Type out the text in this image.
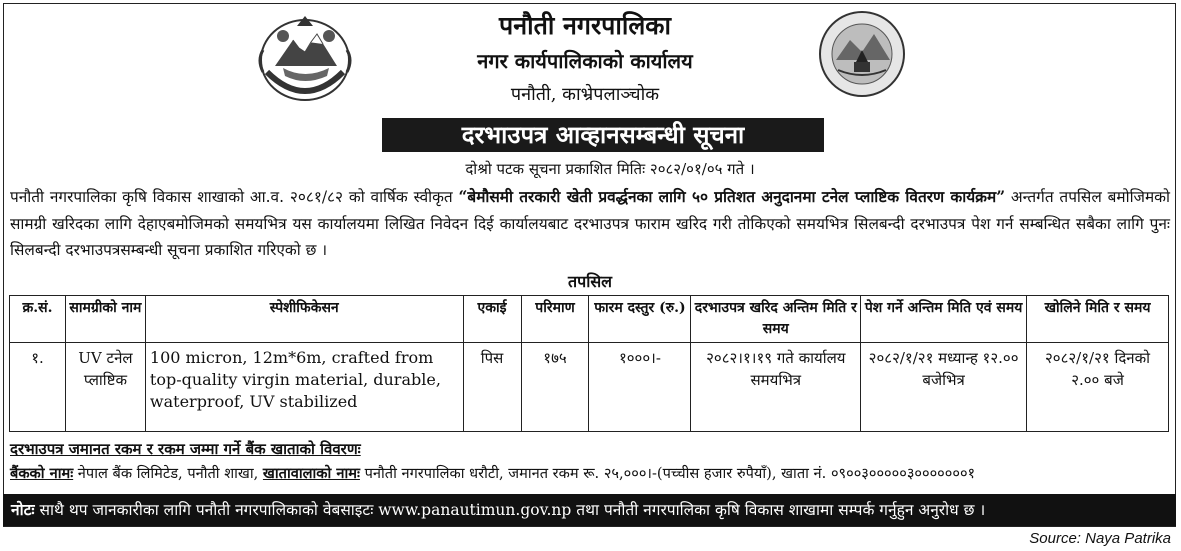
पनौती नगरपालिका
नगर कार्यपालिकाको कार्यालय
पनौती, काभ्रेपलाञ्चोक
दरभाउपत्र आव्हानसम्बन्धी सूचना
दोश्रो पटक सूचना प्रकाशित मितिः २०८२/०१/०५ गते ।
पनौती नगरपालिका कृषि विकास शाखाको आ.व. २०८१/८२ को वार्षिक स्वीकृत “बेमौसमी तरकारी खेती प्रवर्द्धनका लागि ५० प्रतिशत अनुदानमा टनेल प्लाष्टिक वितरण कार्यक्रम” अन्तर्गत तपसिल बमोजिमको सामग्री खरिदका लागि देहाएबमोजिमको समयभित्र यस कार्यालयमा लिखित निवेदन दिई कार्यालयबाट दरभाउपत्र फाराम खरिद गरी तोकिएको समयभित्र सिलबन्दी दरभाउपत्र पेश गर्न सम्बन्धित सबैका लागि पुनः सिलबन्दी दरभाउपत्रसम्बन्धी सूचना प्रकाशित गरिएको छ ।
तपसिल
क्र.सं.	सामग्रीको नाम	स्पेशीफिकेसन	एकाई	परिमाण	फारम दस्तुर (रु.)	दरभाउपत्र खरिद अन्तिम मिति र समय	पेश गर्ने अन्तिम मिति एवं समय	खोलिने मिति र समय
१.	UV टनेल प्लाष्टिक	100 micron, 12m*6m, crafted from top-quality virgin material, durable, waterproof, UV stabilized	पिस	१७५	१०००।-	२०८२।१।१९ गते कार्यालय समयभित्र	२०८२/१/२१ मध्यान्ह १२.०० बजेभित्र	२०८२/१/२१ दिनको २.०० बजे
दरभाउपत्र जमानत रकम र रकम जम्मा गर्ने बैंक खाताको विवरणः
बैंकको नामः नेपाल बैंक लिमिटेड, पनौती शाखा, खातावालाको नामः पनौती नगरपालिका धरौटी, जमानत रकम रू. २५,०००।-(पच्चीस हजार रुपैयाँ), खाता नं. ०९००३०००००३०००००००१
नोटः साथै थप जानकारीका लागि पनौती नगरपालिकाको वेबसाइटः www.panautimun.gov.np तथा पनौती नगरपालिका कृषि विकास शाखामा सम्पर्क गर्नुहुन अनुरोध छ ।
Source: Naya Patrika
